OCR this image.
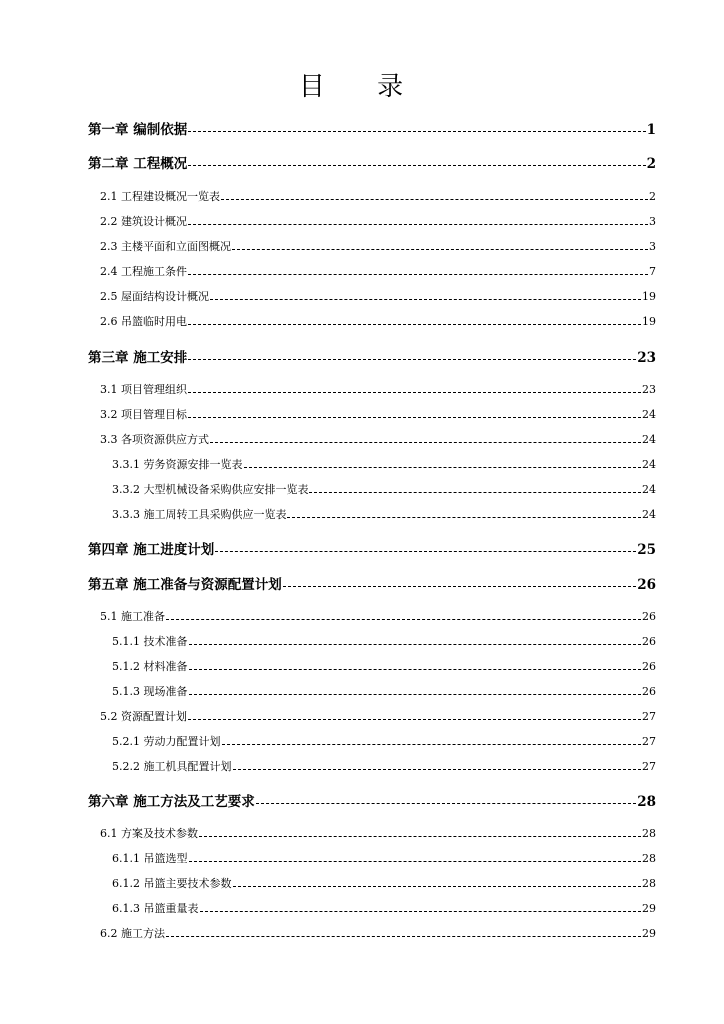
目 录
第一章 编制依据	1
第二章 工程概况	2
2.1 工程建设概况一览表	2
2.2 建筑设计概况	3
2.3 主楼平面和立面图概况	3
2.4 工程施工条件	7
2.5 屋面结构设计概况	19
2.6 吊篮临时用电	19
第三章 施工安排	23
3.1 项目管理组织	23
3.2 项目管理目标	24
3.3 各项资源供应方式	24
3.3.1 劳务资源安排一览表	24
3.3.2 大型机械设备采购供应安排一览表	24
3.3.3 施工周转工具采购供应一览表	24
第四章 施工进度计划	25
第五章 施工准备与资源配置计划	26
5.1 施工准备	26
5.1.1 技术准备	26
5.1.2 材料准备	26
5.1.3 现场准备	26
5.2 资源配置计划	27
5.2.1 劳动力配置计划	27
5.2.2 施工机具配置计划	27
第六章 施工方法及工艺要求	28
6.1 方案及技术参数	28
6.1.1 吊篮选型	28
6.1.2 吊篮主要技术参数	28
6.1.3 吊篮重量表	29
6.2 施工方法	29
